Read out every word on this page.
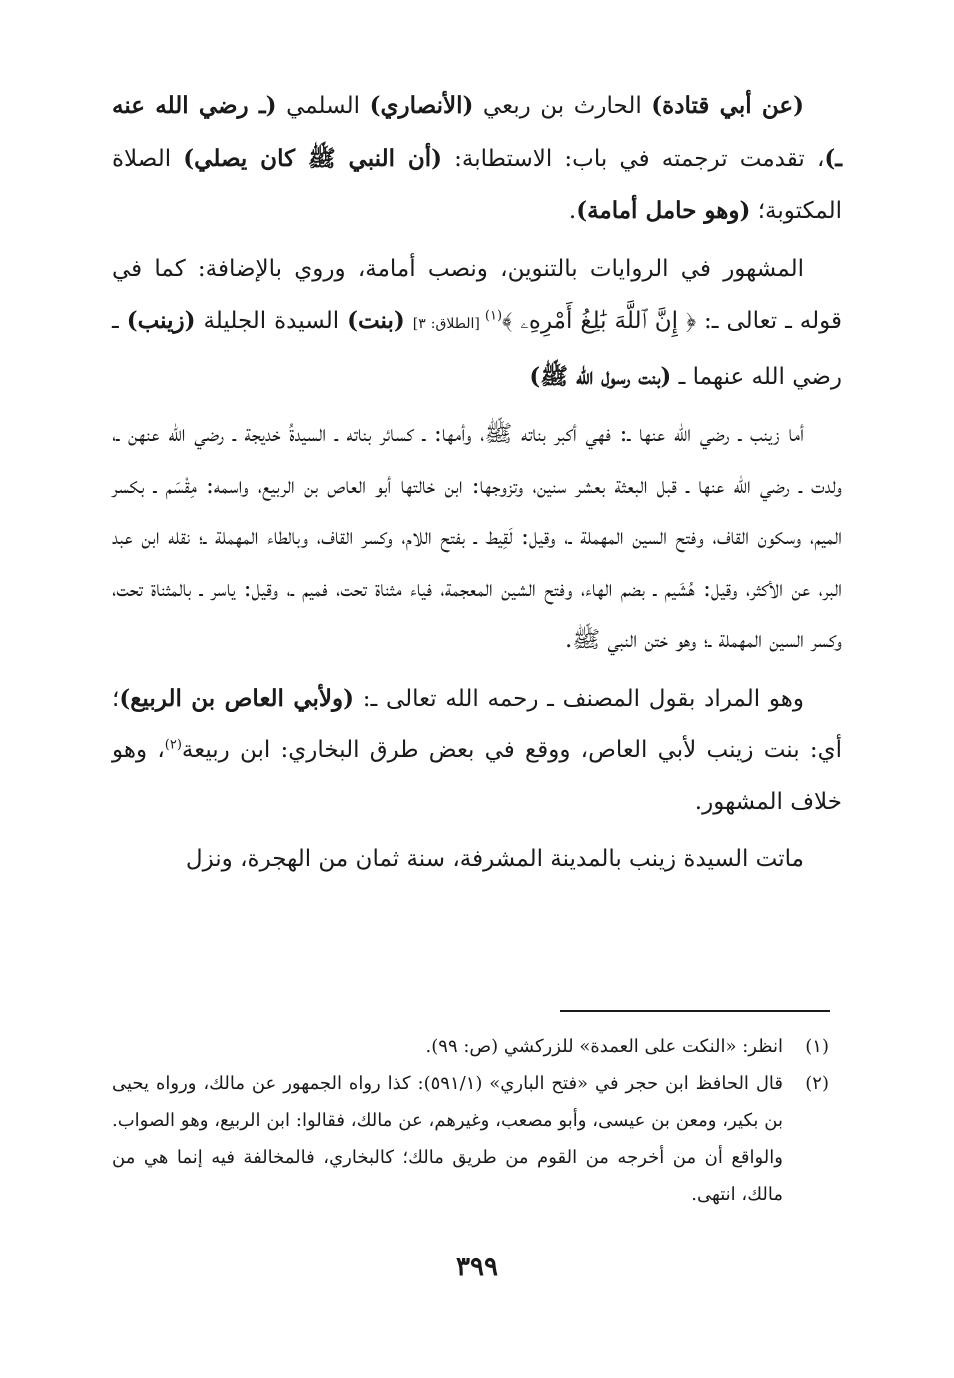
(عن أبي قتادة) الحارث بن ربعي (الأنصاري) السلمي (ـ رضي الله عنه ـ)، تقدمت ترجمته في باب: الاستطابة: (أن النبي ﷺ كان يصلي) الصلاة المكتوبة؛ (وهو حامل أمامة).

المشهور في الروايات بالتنوين، ونصب أمامة، وروي بالإضافة: كما في قوله ـ تعالى ـ: ﴿ إِنَّ ٱللَّهَ بَٰلِغُ أَمْرِهِۦ ﴾$^{(١)}$ [الطلاق: ٣] (بنت) السيدة الجليلة (زينب) ـ رضي الله عنهما ـ (بنت رسول الله ﷺ)

أما زينب ـ رضي الله عنها ـ: فهي أكبر بناته ﷺ، وأمها: ـ كسائر بناته ـ السيدةُ خديجة ـ رضي الله عنهن ـ، ولدت ـ رضي الله عنها ـ قبل البعثة بعشر سنين، وتزوجها: ابن خالتها أبو العاص بن الربيع، واسمه: مِقْسَم ـ بكسر الميم، وسكون القاف، وفتح السين المهملة ـ، وقيل: لَقِيط ـ بفتح اللام، وكسر القاف، وبالطاء المهملة ـ؛ نقله ابن عبد البر، عن الأكثر، وقيل: هُشَيم ـ بضم الهاء، وفتح الشين المعجمة، فياء مثناة تحت، فميم ـ، وقيل: ياسر ـ بالمثناة تحت، وكسر السين المهملة ـ؛ وهو ختن النبي ﷺ.

وهو المراد بقول المصنف ـ رحمه الله تعالى ـ: (ولأبي العاص بن الربيع)؛ أي: بنت زينب لأبي العاص، ووقع في بعض طرق البخاري: ابن ربيعة$^{(٢)}$، وهو خلاف المشهور.

ماتت السيدة زينب بالمدينة المشرفة، سنة ثمان من الهجرة، ونزل

(١)
انظر: «النكت على العمدة» للزركشي (ص: ٩٩).
(٢)
قال الحافظ ابن حجر في «فتح الباري» (٥٩١/١): كذا رواه الجمهور عن مالك، ورواه يحيى بن بكير، ومعن بن عيسى، وأبو مصعب، وغيرهم، عن مالك، فقالوا: ابن الربيع، وهو الصواب. والواقع أن من أخرجه من القوم من طريق مالك؛ كالبخاري، فالمخالفة فيه إنما هي من مالك، انتهى.
٣٩٩
